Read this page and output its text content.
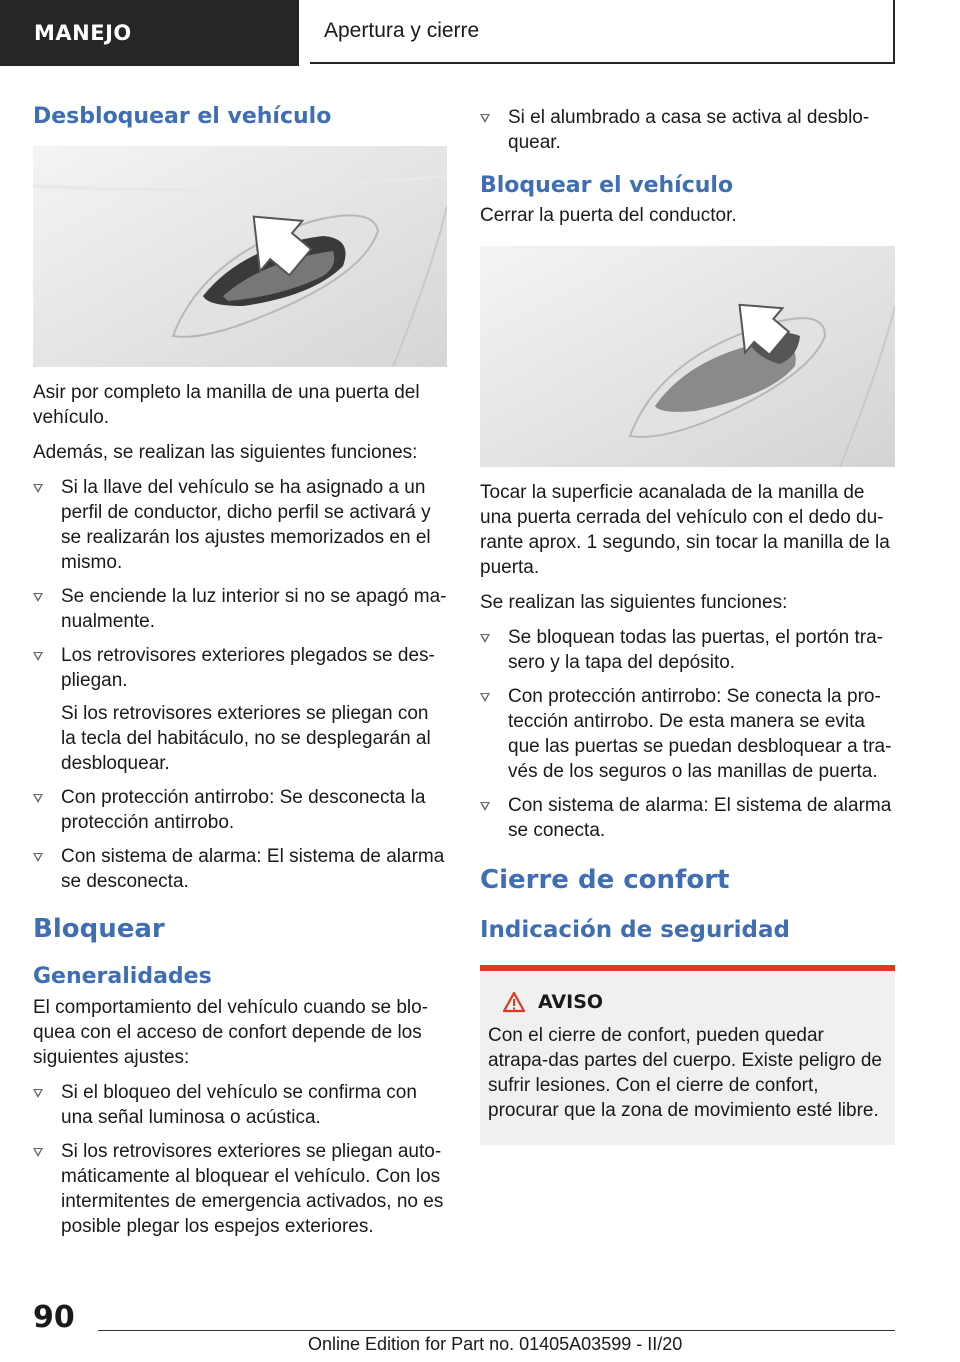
MANEJO	Apertura y cierre
Desbloquear el vehículo

Asir por completo la manilla de una puerta del vehículo.

Además, se realizan las siguientes funciones:

Si la llave del vehículo se ha asignado a un perfil de conductor, dicho perfil se activará y se realizarán los ajustes memorizados en el mismo.
Se enciende la luz interior si no se apagó ma‐nualmente.
Los retrovisores exteriores plegados se des‐pliegan.
Si los retrovisores exteriores se pliegan con la tecla del habitáculo, no se desplegarán al desbloquear.
Con protección antirrobo: Se desconecta la protección antirrobo.
Con sistema de alarma: El sistema de alarma se desconecta.
Bloquear
Generalidades

El comportamiento del vehículo cuando se blo‐quea con el acceso de confort depende de los siguientes ajustes:

Si el bloqueo del vehículo se confirma con una señal luminosa o acústica.
Si los retrovisores exteriores se pliegan auto‐máticamente al bloquear el vehículo. Con los intermitentes de emergencia activados, no es posible plegar los espejos exteriores.
Si el alumbrado a casa se activa al desblo‐quear.
Bloquear el vehículo

Cerrar la puerta del conductor.

Tocar la superficie acanalada de la manilla de una puerta cerrada del vehículo con el dedo du‐rante aprox. 1 segundo, sin tocar la manilla de la puerta.

Se realizan las siguientes funciones:

Se bloquean todas las puertas, el portón tra‐sero y la tapa del depósito.
Con protección antirrobo: Se conecta la pro‐tección antirrobo. De esta manera se evita que las puertas se puedan desbloquear a tra‐vés de los seguros o las manillas de puerta.
Con sistema de alarma: El sistema de alarma se conecta.
Cierre de confort
Indicación de seguridad
AVISO

Con el cierre de confort, pueden quedar atrapa‐das partes del cuerpo. Existe peligro de sufrir lesiones. Con el cierre de confort, procurar que la zona de movimiento esté libre.

90
Online Edition for Part no. 01405A03599 - II/20
